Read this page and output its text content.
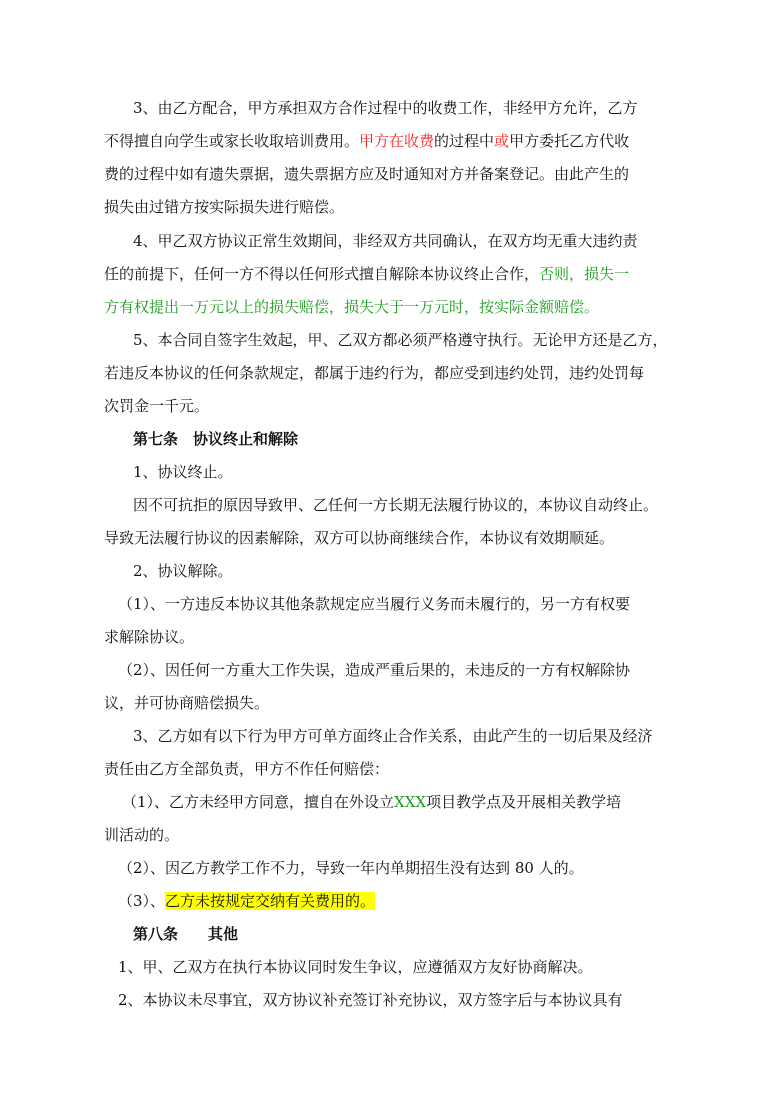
3、由乙方配合，甲方承担双方合作过程中的收费工作，非经甲方允许，乙方
不得擅自向学生或家长收取培训费用。甲方在收费的过程中或甲方委托乙方代收
费的过程中如有遗失票据，遗失票据方应及时通知对方并备案登记。由此产生的
损失由过错方按实际损失进行赔偿。
4、甲乙双方协议正常生效期间，非经双方共同确认，在双方均无重大违约责
任的前提下，任何一方不得以任何形式擅自解除本协议终止合作，否则，损失一
方有权提出一万元以上的损失赔偿，损失大于一万元时，按实际金额赔偿。
5、本合同自签字生效起，甲、乙双方都必须严格遵守执行。无论甲方还是乙方，
若违反本协议的任何条款规定，都属于违约行为，都应受到违约处罚，违约处罚每
次罚金一千元。
第七条　协议终止和解除
1、协议终止。
因不可抗拒的原因导致甲、乙任何一方长期无法履行协议的，本协议自动终止。
导致无法履行协议的因素解除，双方可以协商继续合作，本协议有效期顺延。
2、协议解除。
（1）、一方违反本协议其他条款规定应当履行义务而未履行的，另一方有权要
求解除协议。
（2）、因任何一方重大工作失误，造成严重后果的，未违反的一方有权解除协
议，并可协商赔偿损失。
3、乙方如有以下行为甲方可单方面终止合作关系，由此产生的一切后果及经济
责任由乙方全部负责，甲方不作任何赔偿：
（1）、乙方未经甲方同意，擅自在外设立XXX项目教学点及开展相关教学培
训活动的。
（2）、因乙方教学工作不力，导致一年内单期招生没有达到 80 人的。
（3）、乙方未按规定交纳有关费用的。
第八条　　其他
1、甲、乙双方在执行本协议同时发生争议，应遵循双方友好协商解决。
2、本协议未尽事宜，双方协议补充签订补充协议，双方签字后与本协议具有
